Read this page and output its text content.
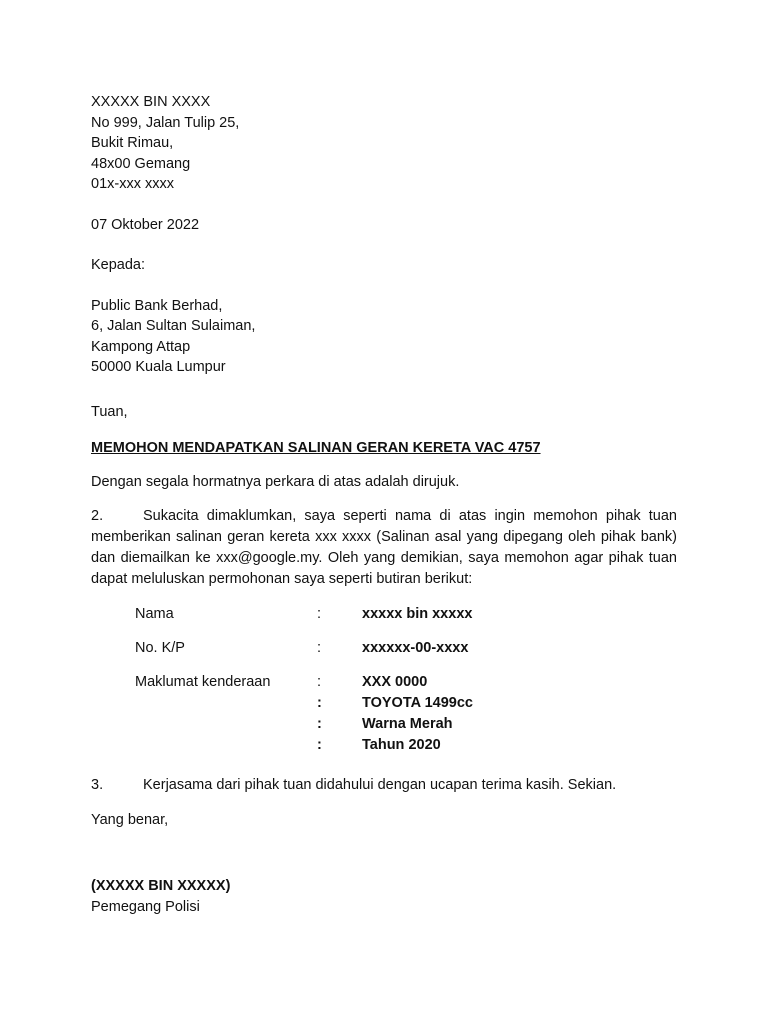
XXXXX BIN XXXX
No 999, Jalan Tulip 25,
Bukit Rimau,
48x00 Gemang
01x-xxx xxxx
07 Oktober 2022
Kepada:
Public Bank Berhad,
6, Jalan Sultan Sulaiman,
Kampong Attap
50000 Kuala Lumpur
Tuan,
MEMOHON MENDAPATKAN SALINAN GERAN KERETA VAC 4757
Dengan segala hormatnya perkara di atas adalah dirujuk.
2.	Sukacita dimaklumkan, saya seperti nama di atas ingin memohon pihak tuan
memberikan salinan geran kereta xxx xxxx (Salinan asal yang dipegang oleh pihak bank)
dan diemailkan ke xxx@google.my. Oleh yang demikian, saya memohon agar pihak tuan
dapat meluluskan permohonan saya seperti butiran berikut:
Nama	:	xxxxx bin xxxxx
No. K/P	:	xxxxxx-00-xxxx
Maklumat kenderaan	:	XXX 0000
:	TOYOTA 1499cc
:	Warna Merah
:	Tahun 2020
3.	Kerjasama dari pihak tuan didahului dengan ucapan terima kasih. Sekian.
Yang benar,
(XXXXX BIN XXXXX)
Pemegang Polisi
